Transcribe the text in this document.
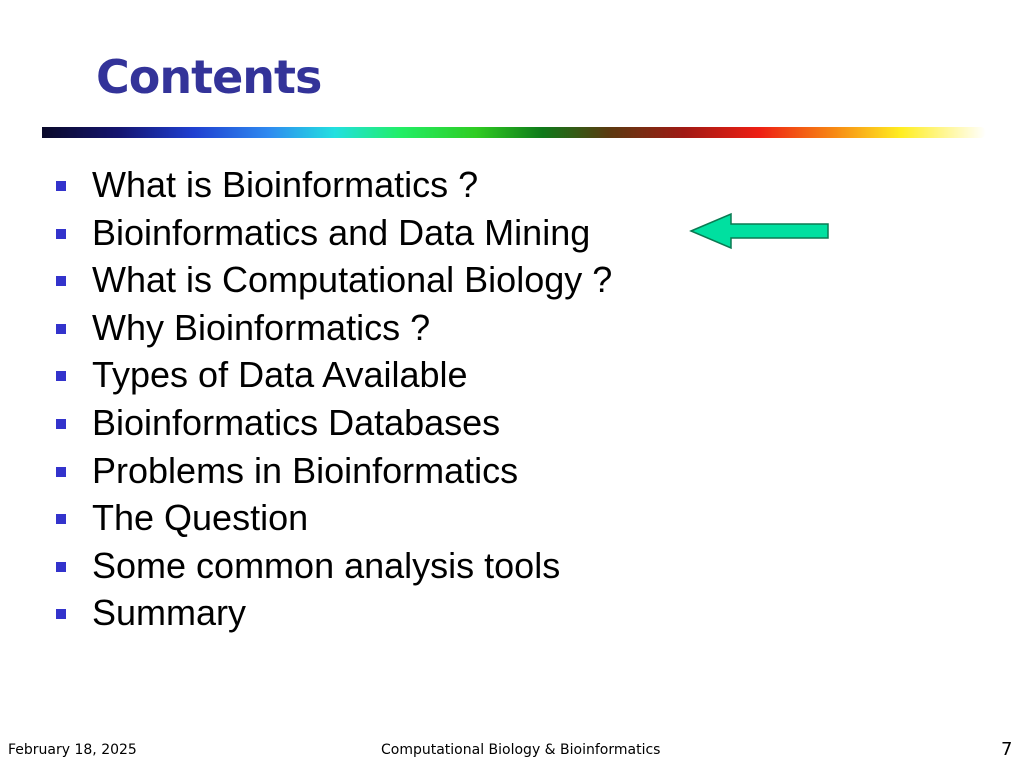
Contents
What is Bioinformatics ?
Bioinformatics and Data Mining
What is Computational Biology ?
Why Bioinformatics ?
Types of Data Available
Bioinformatics Databases
Problems in Bioinformatics
The Question
Some common analysis tools
Summary
February 18, 2025	Computational Biology & Bioinformatics	7
